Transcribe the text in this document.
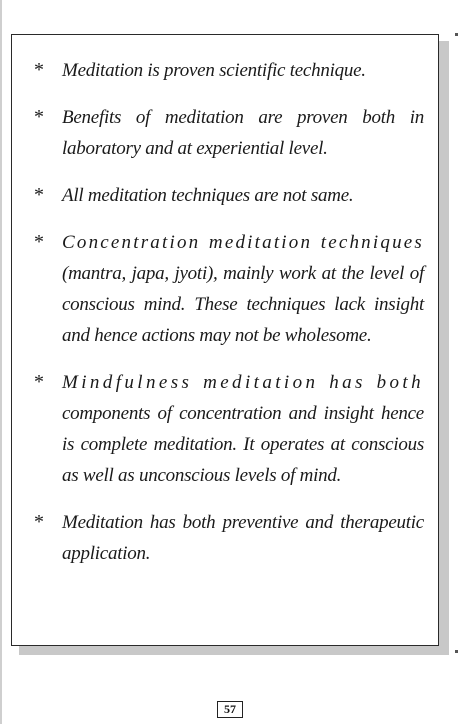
* Meditation is proven scientific technique.
* Benefits of meditation are proven both in laboratory and at experiential level.
* All meditation techniques are not same.
* Concentration meditation techniques (mantra, japa, jyoti), mainly work at the level of conscious mind. These techniques lack insight and hence actions may not be wholesome.
* Mindfulness meditation has both components of concentration and insight hence is complete meditation. It operates at conscious as well as unconscious levels of mind.
* Meditation has both preventive and therapeutic application.
57
